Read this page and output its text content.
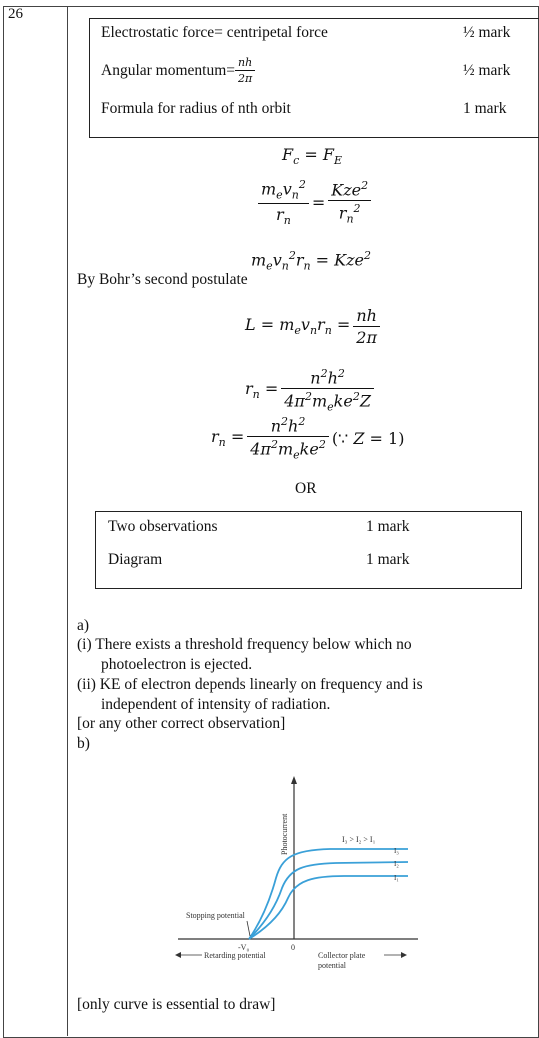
26
Electrostatic force= centripetal force	½ mark
Angular momentum= $\frac{nh}{2\pi}$	½ mark
Formula for radius of nth orbit	1 mark
$F_c = F_E$
$\frac{m_ev_n^2}{r_n} = \frac{Kze^2}{r_n^2}$
$m_ev_n^2r_n = Kze^2$
By Bohr’s second postulate
$L = m_ev_nr_n = \frac{nh}{2\pi}$
$r_n = \frac{n^2h^2}{4\pi^2m_eke^2Z}$
$r_n = \frac{n^2h^2}{4\pi^2m_eke^2}$ (∵ Z = 1)
OR
Two observations	1 mark
Diagram	1 mark
a)
(i) There exists a threshold frequency below which no
photoelectron is ejected.
(ii) KE of electron depends linearly on frequency and is
independent of intensity of radiation.
[or any other correct observation]
b)
Photocurrent	I₃ > I₂ > I₁
I₃
I₂
I₁
Stopping potential
-V₀	0
Retarding potential	Collector plate
potential
[only curve is essential to draw]
